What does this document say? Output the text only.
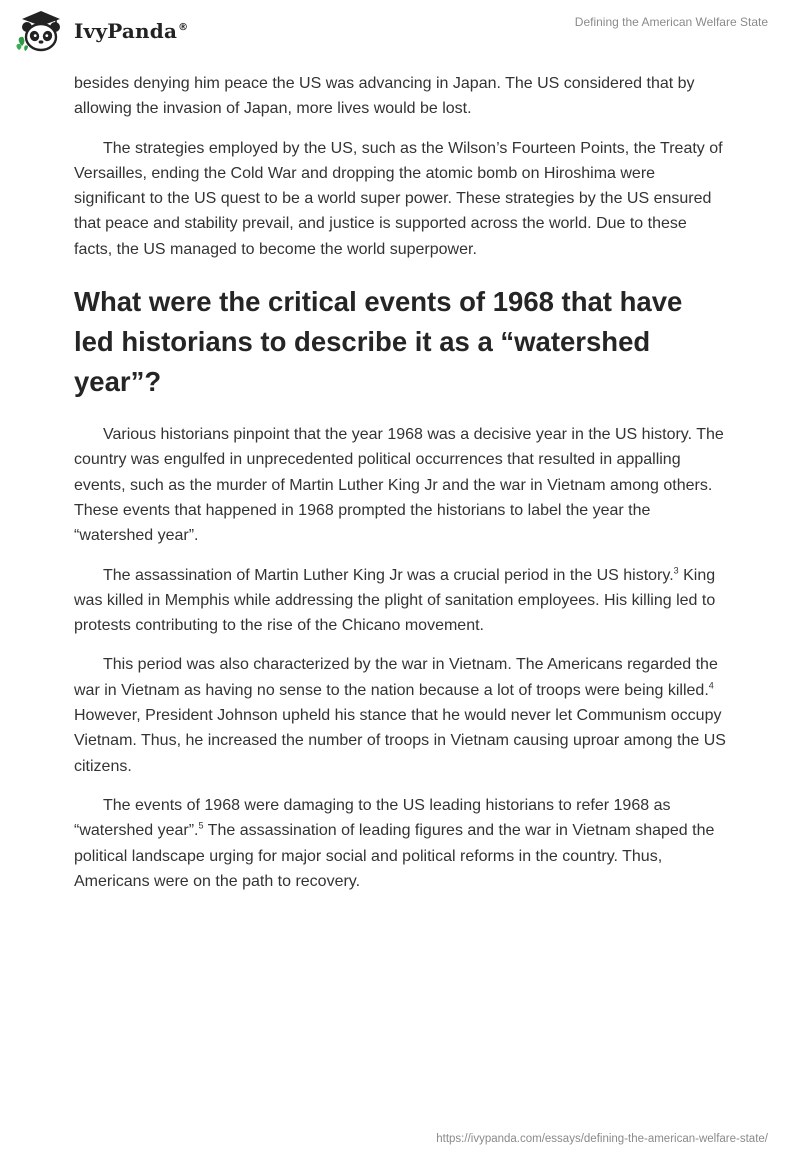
IvyPanda®	Defining the American Welfare State

besides denying him peace the US was advancing in Japan. The US considered that by allowing the invasion of Japan, more lives would be lost.

The strategies employed by the US, such as the Wilson’s Fourteen Points, the Treaty of Versailles, ending the Cold War and dropping the atomic bomb on Hiroshima were significant to the US quest to be a world super power. These strategies by the US ensured that peace and stability prevail, and justice is supported across the world. Due to these facts, the US managed to become the world superpower.

What were the critical events of 1968 that have led historians to describe it as a “watershed year”?

Various historians pinpoint that the year 1968 was a decisive year in the US history. The country was engulfed in unprecedented political occurrences that resulted in appalling events, such as the murder of Martin Luther King Jr and the war in Vietnam among others. These events that happened in 1968 prompted the historians to label the year the “watershed year”.

The assassination of Martin Luther King Jr was a crucial period in the US history.$^3$ King was killed in Memphis while addressing the plight of sanitation employees. His killing led to protests contributing to the rise of the Chicano movement.

This period was also characterized by the war in Vietnam. The Americans regarded the war in Vietnam as having no sense to the nation because a lot of troops were being killed.$^4$ However, President Johnson upheld his stance that he would never let Communism occupy Vietnam. Thus, he increased the number of troops in Vietnam causing uproar among the US citizens.

The events of 1968 were damaging to the US leading historians to refer 1968 as “watershed year”.$^5$ The assassination of leading figures and the war in Vietnam shaped the political landscape urging for major social and political reforms in the country. Thus, Americans were on the path to recovery.

https://ivypanda.com/essays/defining-the-american-welfare-state/
